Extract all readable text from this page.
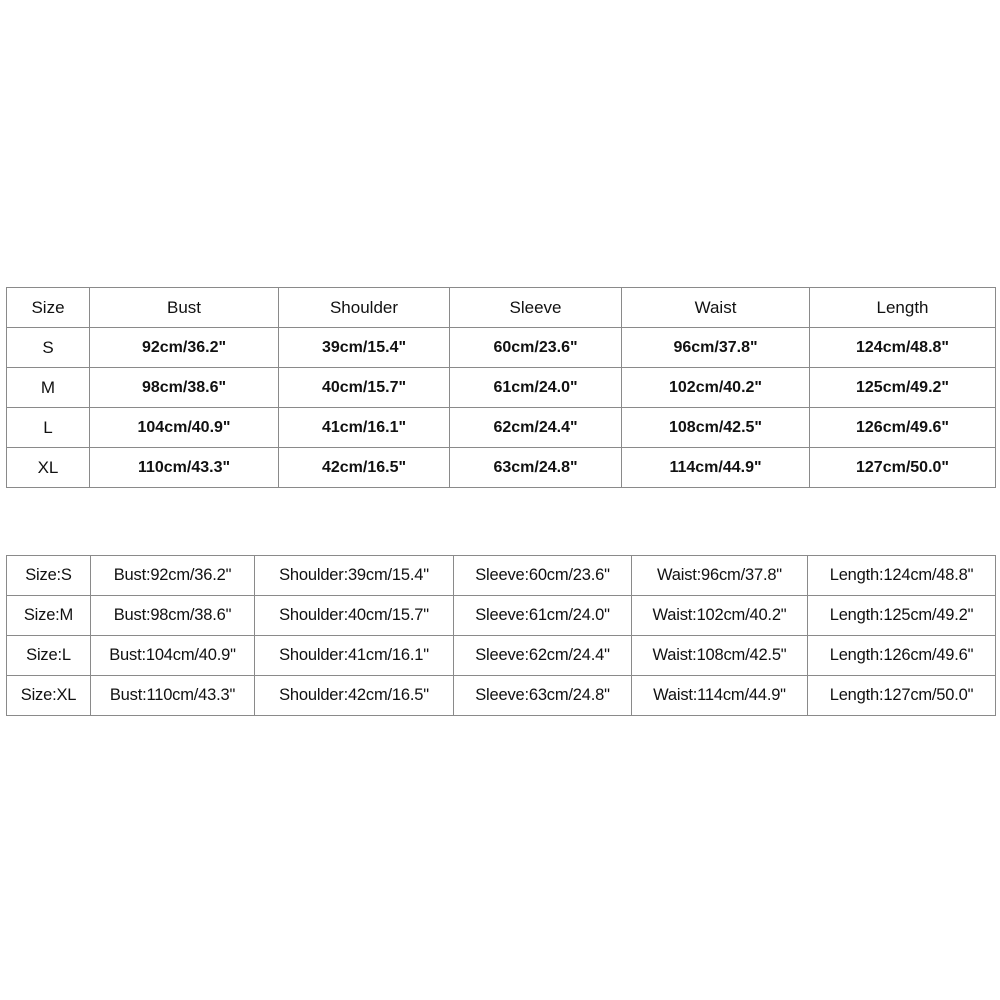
Size	Bust	Shoulder	Sleeve	Waist	Length
S	92cm/36.2"	39cm/15.4"	60cm/23.6"	96cm/37.8"	124cm/48.8"
M	98cm/38.6"	40cm/15.7"	61cm/24.0"	102cm/40.2"	125cm/49.2"
L	104cm/40.9"	41cm/16.1"	62cm/24.4"	108cm/42.5"	126cm/49.6"
XL	110cm/43.3"	42cm/16.5"	63cm/24.8"	114cm/44.9"	127cm/50.0"
Size:S	Bust:92cm/36.2"	Shoulder:39cm/15.4"	Sleeve:60cm/23.6"	Waist:96cm/37.8"	Length:124cm/48.8"
Size:M	Bust:98cm/38.6"	Shoulder:40cm/15.7"	Sleeve:61cm/24.0"	Waist:102cm/40.2"	Length:125cm/49.2"
Size:L	Bust:104cm/40.9"	Shoulder:41cm/16.1"	Sleeve:62cm/24.4"	Waist:108cm/42.5"	Length:126cm/49.6"
Size:XL	Bust:110cm/43.3"	Shoulder:42cm/16.5"	Sleeve:63cm/24.8"	Waist:114cm/44.9"	Length:127cm/50.0"
